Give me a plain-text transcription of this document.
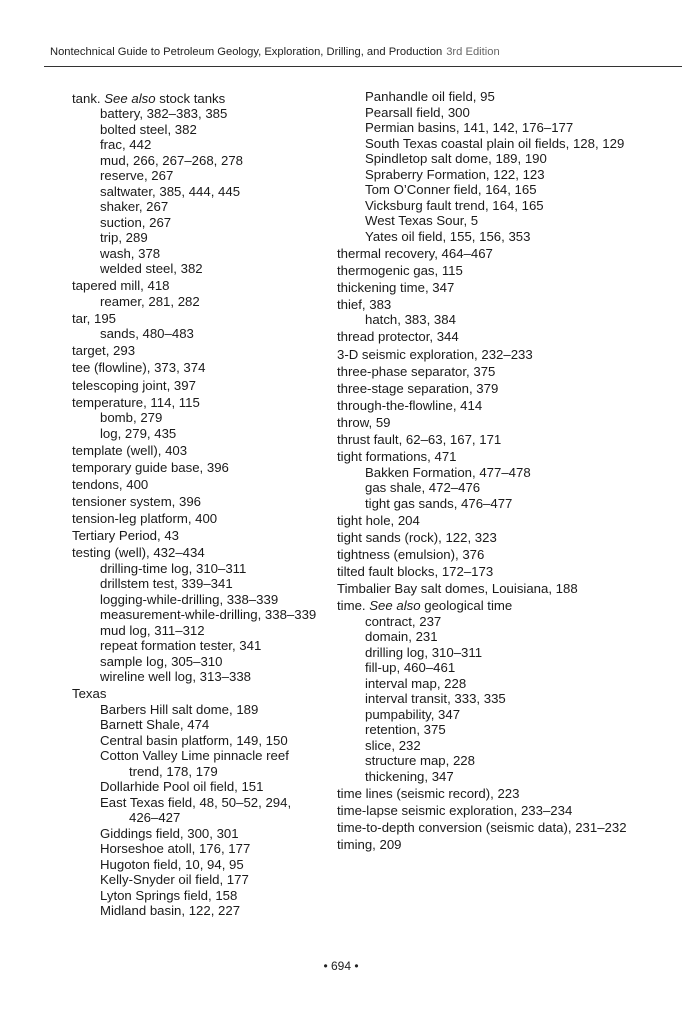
Nontechnical Guide to Petroleum Geology, Exploration, Drilling, and Production 3rd Edition
tank. See also stock tanks
battery, 382–383, 385
bolted steel, 382
frac, 442
mud, 266, 267–268, 278
reserve, 267
saltwater, 385, 444, 445
shaker, 267
suction, 267
trip, 289
wash, 378
welded steel, 382
tapered mill, 418
reamer, 281, 282
tar, 195
sands, 480–483
target, 293
tee (flowline), 373, 374
telescoping joint, 397
temperature, 114, 115
bomb, 279
log, 279, 435
template (well), 403
temporary guide base, 396
tendons, 400
tensioner system, 396
tension-leg platform, 400
Tertiary Period, 43
testing (well), 432–434
drilling-time log, 310–311
drillstem test, 339–341
logging-while-drilling, 338–339
measurement-while-drilling, 338–339
mud log, 311–312
repeat formation tester, 341
sample log, 305–310
wireline well log, 313–338
Texas
Barbers Hill salt dome, 189
Barnett Shale, 474
Central basin platform, 149, 150
Cotton Valley Lime pinnacle reef trend, 178, 179
Dollarhide Pool oil field, 151
East Texas field, 48, 50–52, 294, 426–427
Giddings field, 300, 301
Horseshoe atoll, 176, 177
Hugoton field, 10, 94, 95
Kelly-Snyder oil field, 177
Lyton Springs field, 158
Midland basin, 122, 227
Panhandle oil field, 95
Pearsall field, 300
Permian basins, 141, 142, 176–177
South Texas coastal plain oil fields, 128, 129
Spindletop salt dome, 189, 190
Spraberry Formation, 122, 123
Tom O’Conner field, 164, 165
Vicksburg fault trend, 164, 165
West Texas Sour, 5
Yates oil field, 155, 156, 353
thermal recovery, 464–467
thermogenic gas, 115
thickening time, 347
thief, 383
hatch, 383, 384
thread protector, 344
3-D seismic exploration, 232–233
three-phase separator, 375
three-stage separation, 379
through-the-flowline, 414
throw, 59
thrust fault, 62–63, 167, 171
tight formations, 471
Bakken Formation, 477–478
gas shale, 472–476
tight gas sands, 476–477
tight hole, 204
tight sands (rock), 122, 323
tightness (emulsion), 376
tilted fault blocks, 172–173
Timbalier Bay salt domes, Louisiana, 188
time. See also geological time
contract, 237
domain, 231
drilling log, 310–311
fill-up, 460–461
interval map, 228
interval transit, 333, 335
pumpability, 347
retention, 375
slice, 232
structure map, 228
thickening, 347
time lines (seismic record), 223
time-lapse seismic exploration, 233–234
time-to-depth conversion (seismic data), 231–232
timing, 209
• 694 •
